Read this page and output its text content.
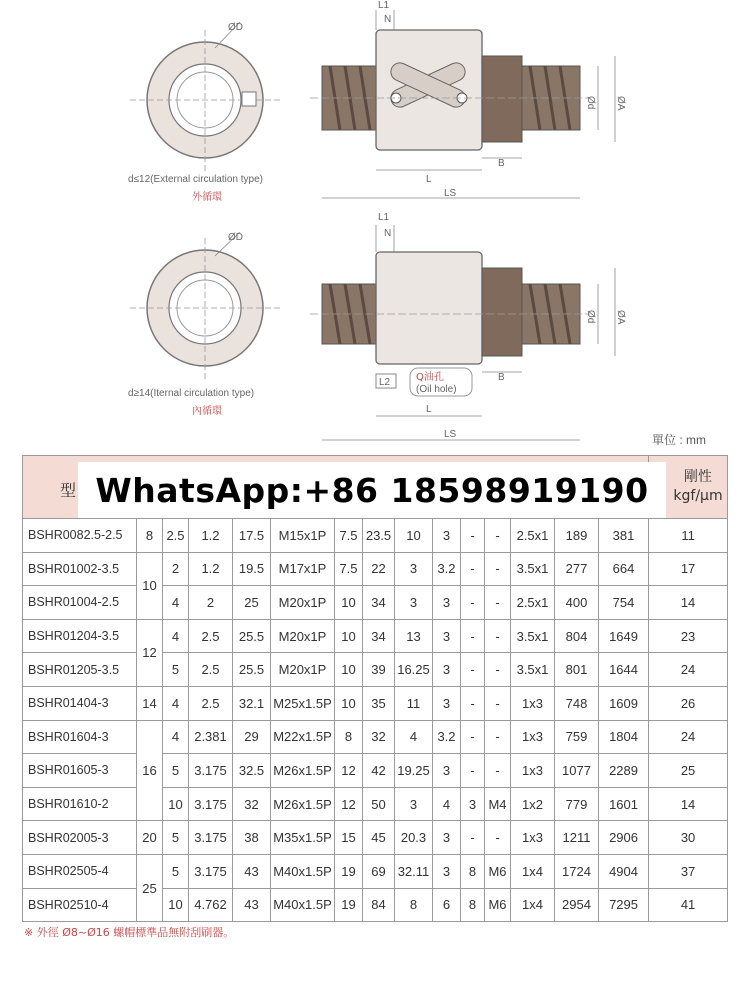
ØD
d≤12(External circulation type)
外循環
L1
N
L
B
LS
Ød ØA
ØD
d≥14(Iternal circulation type)
內循環
L1
N
L2	Q油孔
(Oil hole)
L
B
LS
Ød ØA
單位 : mm

BSHR0082.5-2.5	8	2.5	1.2	17.5	M15x1P	7.5	23.5	10	3	-	-	2.5x1	189	381	11
BSHR01002-3.5	10	2	1.2	19.5	M17x1P	7.5	22	3	3.2	-	-	3.5x1	277	664	17
BSHR01004-2.5		4	2	25	M20x1P	10	34	3	3	-	-	2.5x1	400	754	14
BSHR01204-3.5	12	4	2.5	25.5	M20x1P	10	34	13	3	-	-	3.5x1	804	1649	23
BSHR01205-3.5		5	2.5	25.5	M20x1P	10	39	16.25	3	-	-	3.5x1	801	1644	24
BSHR01404-3	14	4	2.5	32.1	M25x1.5P	10	35	11	3	-	-	1x3	748	1609	26
BSHR01604-3	16	4	2.381	29	M22x1.5P	8	32	4	3.2	-	-	1x3	759	1804	24
BSHR01605-3		5	3.175	32.5	M26x1.5P	12	42	19.25	3	-	-	1x3	1077	2289	25
BSHR01610-2		10	3.175	32	M26x1.5P	12	50	3	4	3	M4	1x2	779	1601	14
BSHR02005-3	20	5	3.175	38	M35x1.5P	15	45	20.3	3	-	-	1x3	1211	2906	30
BSHR02505-4	25	5	3.175	43	M40x1.5P	19	69	32.11	3	8	M6	1x4	1724	4904	37
BSHR02510-4		10	4.762	43	M40x1.5P	19	84	8	6	8	M6	1x4	2954	7295	41
型
剛性
kgf/μm
WhatsApp:+86 18598919190
※ 外徑 Ø8~Ø16 螺帽標準品無附刮刷器。
